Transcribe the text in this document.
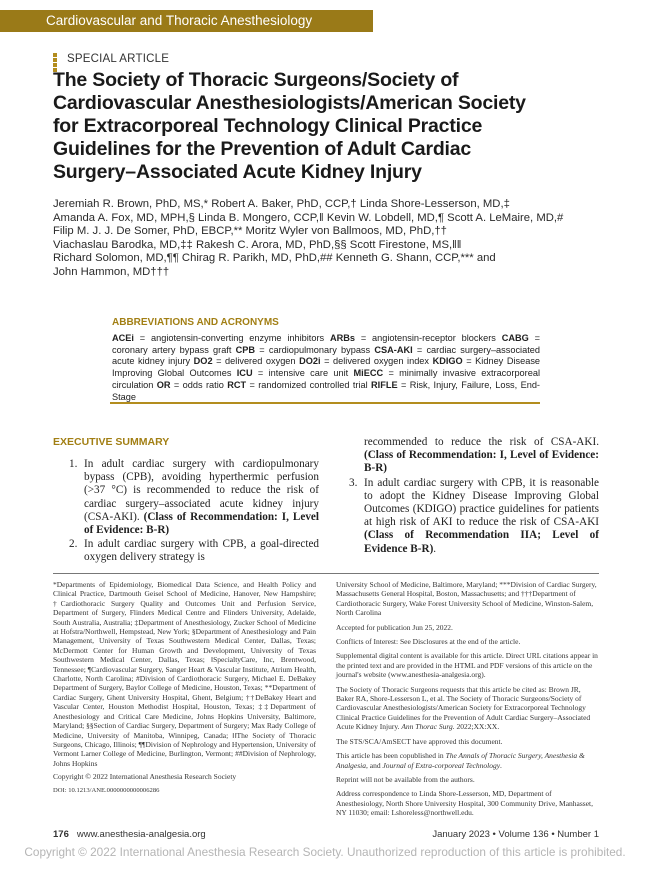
Cardiovascular and Thoracic Anesthesiology
SPECIAL ARTICLE
The Society of Thoracic Surgeons/Society of
Cardiovascular Anesthesiologists/American Society
for Extracorporeal Technology Clinical Practice
Guidelines for the Prevention of Adult Cardiac
Surgery–Associated Acute Kidney Injury
Jeremiah R. Brown, PhD, MS,* Robert A. Baker, PhD, CCP,† Linda Shore-Lesserson, MD,‡
Amanda A. Fox, MD, MPH,§ Linda B. Mongero, CCP,‖ Kevin W. Lobdell, MD,¶ Scott A. LeMaire, MD,#
Filip M. J. J. De Somer, PhD, EBCP,** Moritz Wyler von Ballmoos, MD, PhD,††
Viachaslau Barodka, MD,‡‡ Rakesh C. Arora, MD, PhD,§§ Scott Firestone, MS,‖‖
Richard Solomon, MD,¶¶ Chirag R. Parikh, MD, PhD,## Kenneth G. Shann, CCP,*** and
John Hammon, MD†††
ABBREVIATIONS AND ACRONYMS
ACEi = angiotensin-converting enzyme inhibitors ARBs = angiotensin-receptor blockers CABG = coronary artery bypass graft CPB = cardiopulmonary bypass CSA-AKI = cardiac surgery–associated acute kidney injury DO2 = delivered oxygen DO2i = delivered oxygen index KDIGO = Kidney Disease Improving Global Outcomes ICU = intensive care unit MiECC = minimally invasive extracorporeal circulation OR = odds ratio RCT = randomized controlled trial RIFLE = Risk, Injury, Failure, Loss, End-Stage
EXECUTIVE SUMMARY
1. In adult cardiac surgery with cardiopulmonary bypass (CPB), avoiding hyperthermic perfusion (>37 °C) is recommended to reduce the risk of cardiac surgery–associated acute kidney injury (CSA-AKI). (Class of Recommendation: I, Level of Evidence: B-R)
2. In adult cardiac surgery with CPB, a goal-directed oxygen delivery strategy is
recommended to reduce the risk of CSA-AKI. (Class of Recommendation: I, Level of Evidence: B-R)
3. In adult cardiac surgery with CPB, it is reasonable to adopt the Kidney Disease Improving Global Outcomes (KDIGO) practice guidelines for patients at high risk of AKI to reduce the risk of CSA-AKI (Class of Recommendation IIA; Level of Evidence B-R).

*Departments of Epidemiology, Biomedical Data Science, and Health Policy and Clinical Practice, Dartmouth Geisel School of Medicine, Hanover, New Hampshire; †Cardiothoracic Surgery Quality and Outcomes Unit and Perfusion Service, Department of Surgery, Flinders Medical Centre and Flinders University, Adelaide, South Australia, Australia; ‡Department of Anesthesiology, Zucker School of Medicine at Hofstra/Northwell, Hempstead, New York; §Department of Anesthesiology and Pain Management, University of Texas Southwestern Medical Center, Dallas, Texas; McDermott Center for Human Growth and Development, University of Texas Southwestern Medical Center, Dallas, Texas; ‖SpecialtyCare, Inc, Brentwood, Tennessee; ¶Cardiovascular Surgery, Sanger Heart & Vascular Institute, Atrium Health, Charlotte, North Carolina; #Division of Cardiothoracic Surgery, Michael E. DeBakey Department of Surgery, Baylor College of Medicine, Houston, Texas; **Department of Cardiac Surgery, Ghent University Hospital, Ghent, Belgium; ††DeBakey Heart and Vascular Center, Houston Methodist Hospital, Houston, Texas; ‡‡Department of Anesthesiology and Critical Care Medicine, Johns Hopkins University, Baltimore, Maryland; §§Section of Cardiac Surgery, Department of Surgery; Max Rady College of Medicine, University of Manitoba, Winnipeg, Canada; ‖‖The Society of Thoracic Surgeons, Chicago, Illinois; ¶¶Division of Nephrology and Hypertension, University of Vermont Larner College of Medicine, Burlington, Vermont; ##Division of Nephrology, Johns Hopkins

Copyright © 2022 International Anesthesia Research Society

DOI: 10.1213/ANE.0000000000006286

University School of Medicine, Baltimore, Maryland; ***Division of Cardiac Surgery, Massachusetts General Hospital, Boston, Massachusetts; and †††Department of Cardiothoracic Surgery, Wake Forest University School of Medicine, Winston-Salem, North Carolina

Accepted for publication Jun 25, 2022.

Conflicts of Interest: See Disclosures at the end of the article.

Supplemental digital content is available for this article. Direct URL citations appear in the printed text and are provided in the HTML and PDF versions of this article on the journal's website (www.anesthesia-analgesia.org).

The Society of Thoracic Surgeons requests that this article be cited as: Brown JR, Baker RA, Shore-Lesserson L, et al. The Society of Thoracic Surgeons/Society of Cardiovascular Anesthesiologists/American Society for Extracorporeal Technology Clinical Practice Guidelines for the Prevention of Adult Cardiac Surgery–Associated Acute Kidney Injury. Ann Thorac Surg. 2022;XX:XX.

The STS/SCA/AmSECT have approved this document.

This article has been copublished in The Annals of Thoracic Surgery, Anesthesia & Analgesia, and Journal of Extra-corporeal Technology.

Reprint will not be available from the authors.

Address correspondence to Linda Shore-Lesserson, MD, Department of Anesthesiology, North Shore University Hospital, 300 Community Drive, Manhasset, NY 11030; email: Lshoreless@northwell.edu.

176 www.anesthesia-analgesia.org	January 2023 • Volume 136 • Number 1
Copyright © 2022 International Anesthesia Research Society. Unauthorized reproduction of this article is prohibited.
